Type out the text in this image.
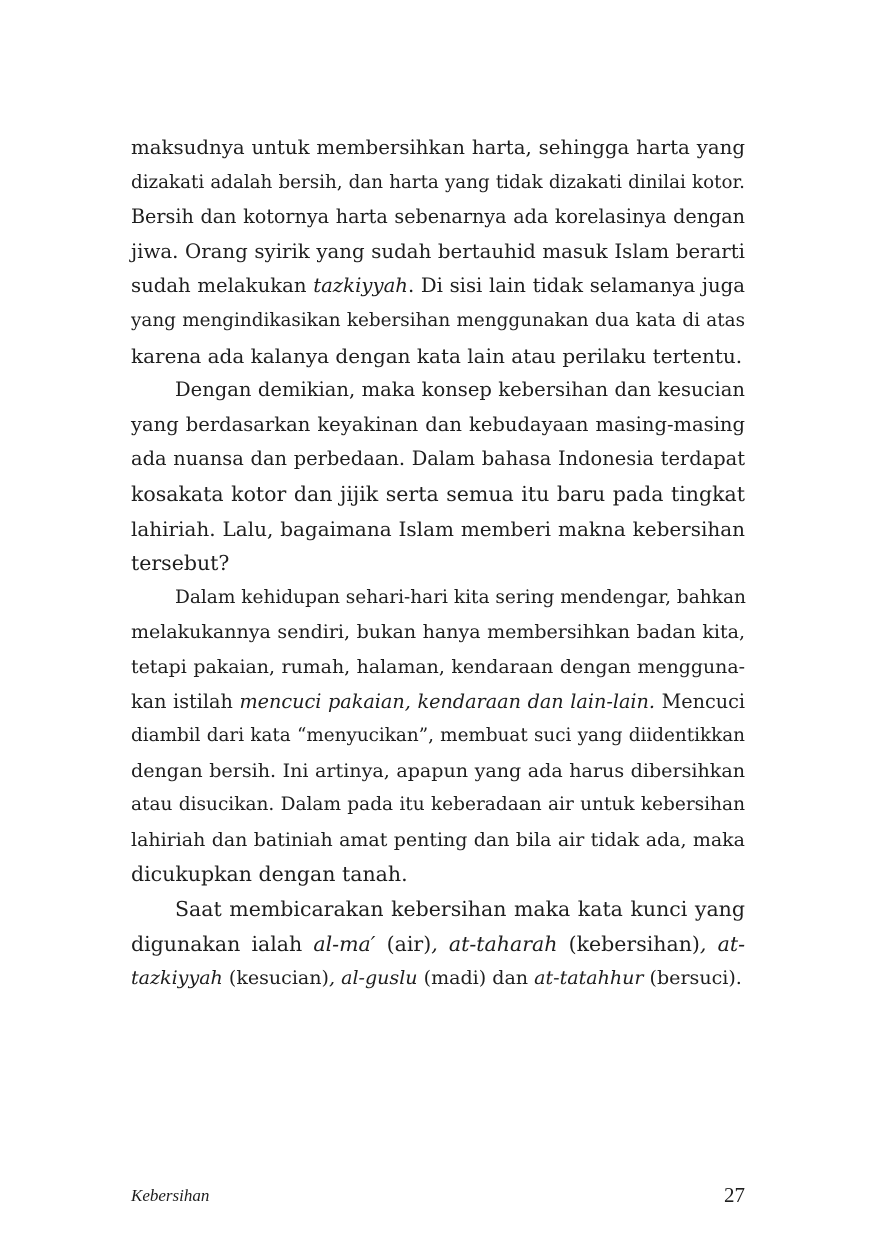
maksudnya untuk membersihkan harta, sehingga harta yang
dizakati adalah bersih, dan harta yang tidak dizakati dinilai kotor.
Bersih dan kotornya harta sebenarnya ada korelasinya dengan
jiwa. Orang syirik yang sudah bertauhid masuk Islam berarti
sudah melakukan tazkiyyah. Di sisi lain tidak selamanya juga
yang mengindikasikan kebersihan menggunakan dua kata di atas
karena ada kalanya dengan kata lain atau perilaku tertentu.

Dengan demikian, maka konsep kebersihan dan kesucian
yang berdasarkan keyakinan dan kebudayaan masing-masing
ada nuansa dan perbedaan. Dalam bahasa Indonesia terdapat
kosakata kotor dan jijik serta semua itu baru pada tingkat
lahiriah. Lalu, bagaimana Islam memberi makna kebersihan
tersebut?

Dalam kehidupan sehari-hari kita sering mendengar, bahkan
melakukannya sendiri, bukan hanya membersihkan badan kita,
tetapi pakaian, rumah, halaman, kendaraan dengan mengguna-
kan istilah mencuci pakaian, kendaraan dan lain-lain. Mencuci
diambil dari kata “menyucikan”, membuat suci yang diidentikkan
dengan bersih. Ini artinya, apapun yang ada harus dibersihkan
atau disucikan. Dalam pada itu keberadaan air untuk kebersihan
lahiriah dan batiniah amat penting dan bila air tidak ada, maka
dicukupkan dengan tanah.

Saat membicarakan kebersihan maka kata kunci yang
digunakan ialah al-ma′ (air), at-taharah (kebersihan), at-
tazkiyyah (kesucian), al-guslu (madi) dan at-tatahhur (bersuci).

Kebersihan	27
